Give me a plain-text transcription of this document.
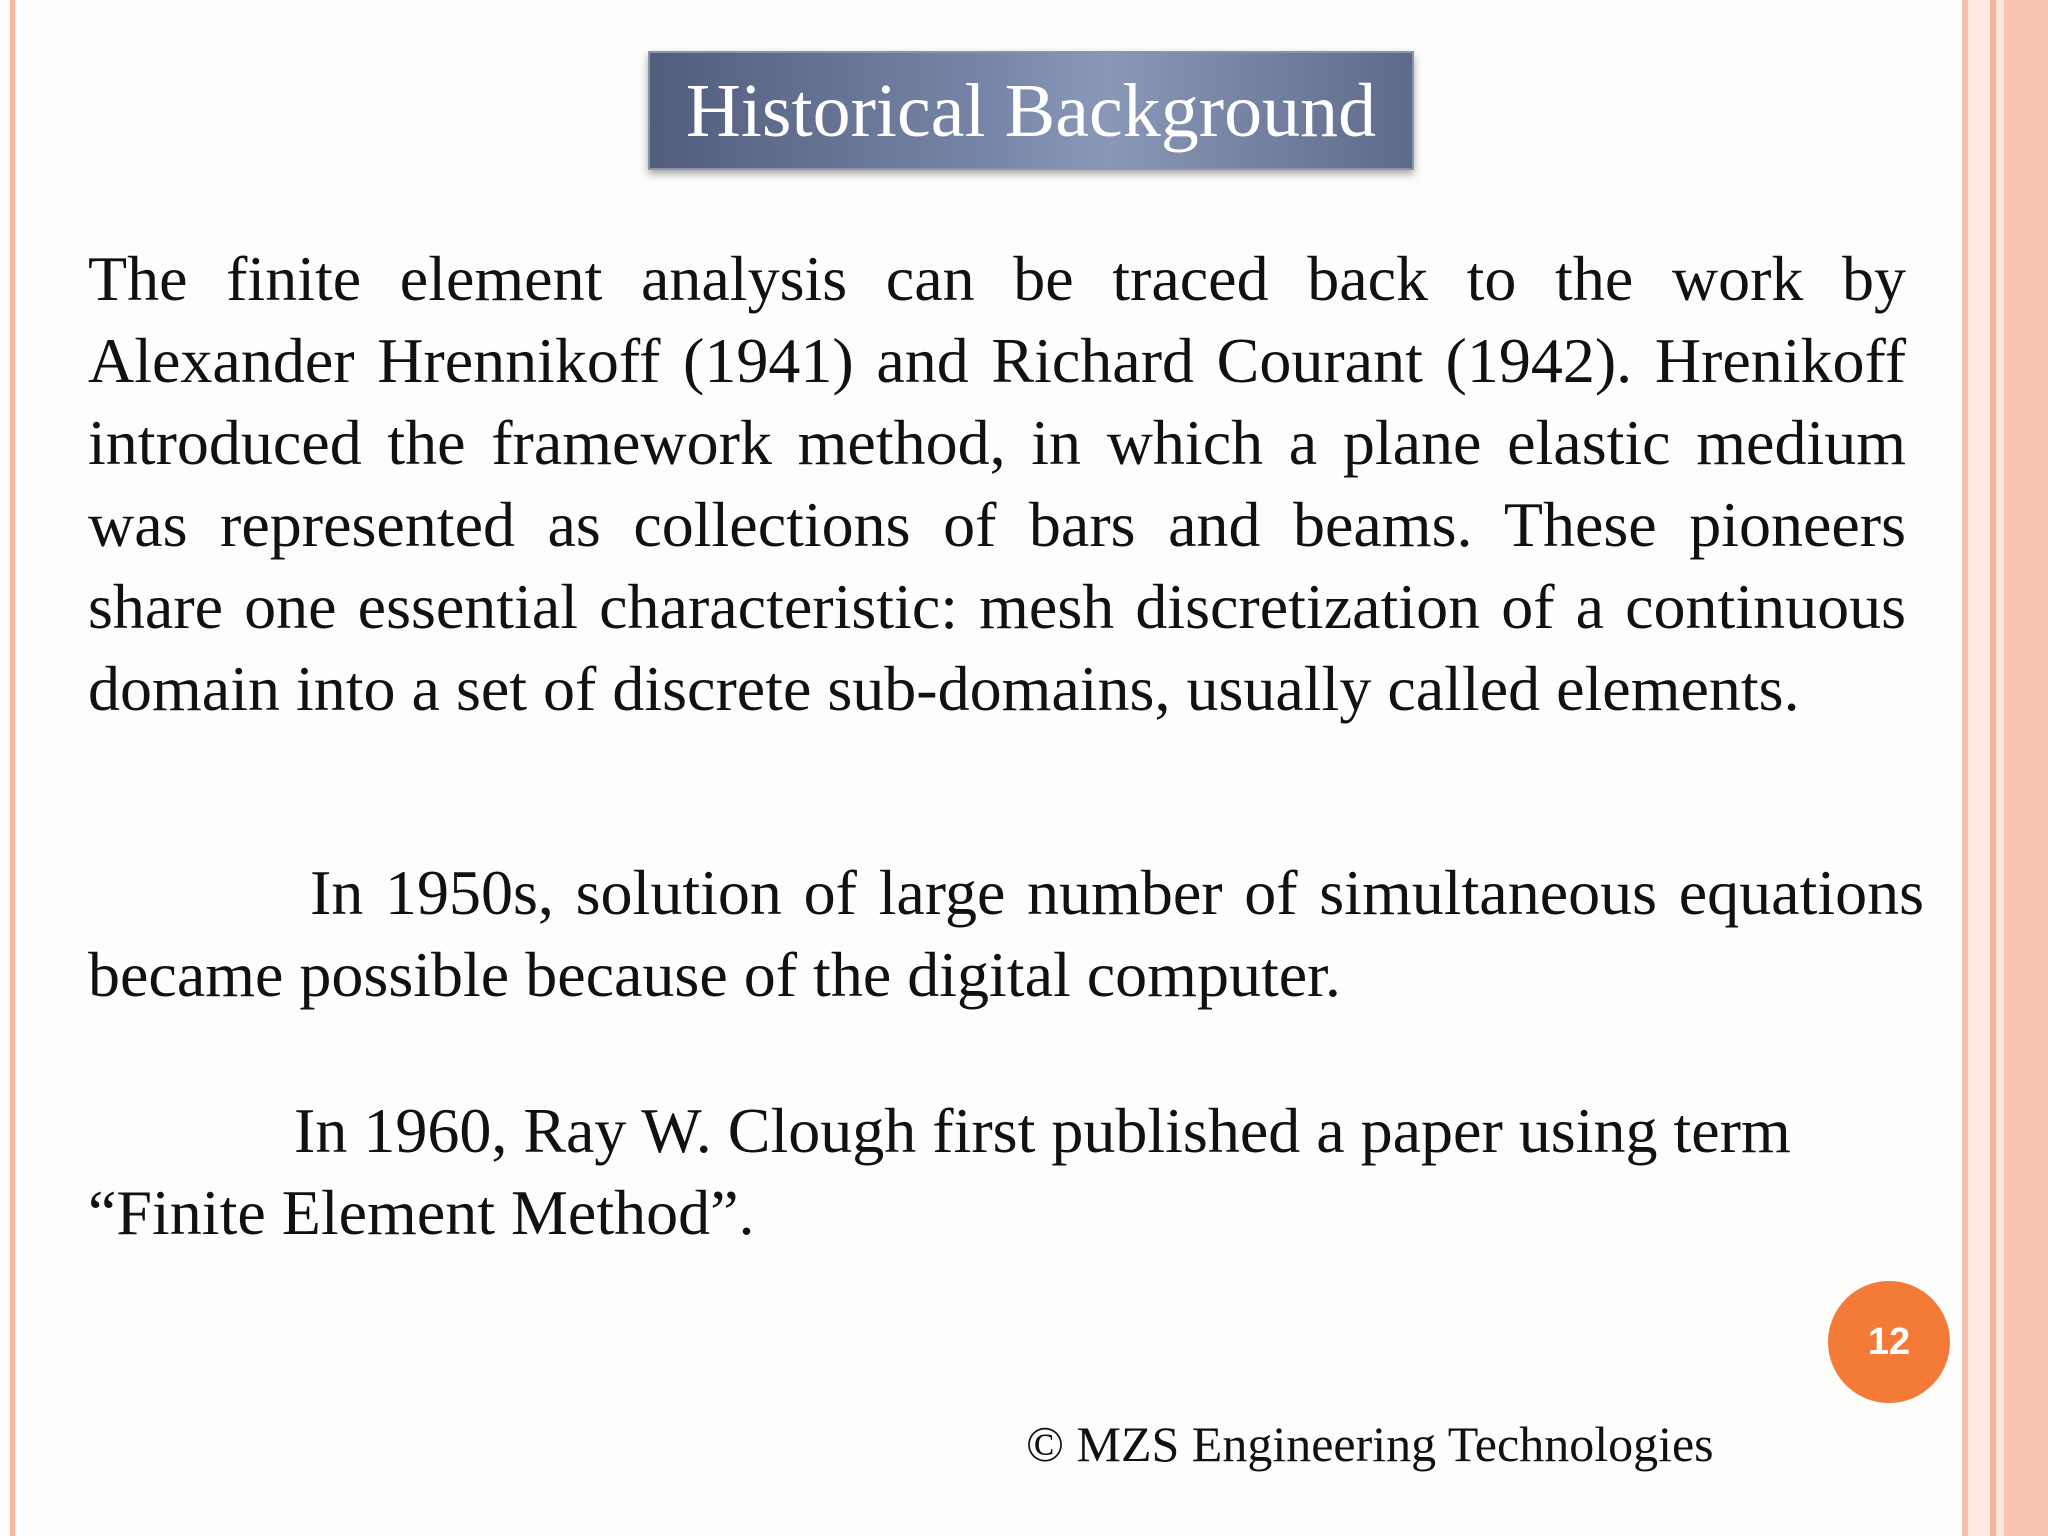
Historical Background

The finite element analysis can be traced back to the work by Alexander Hrennikoff (1941) and Richard Courant (1942). Hrenikoff introduced the framework method, in which a plane elastic medium was represented as collections of bars and beams. These pioneers share one essential characteristic: mesh discretization of a continuous domain into a set of discrete sub-domains, usually called elements.

In 1950s, solution of large number of simultaneous equations became possible because of the digital computer.

In 1960, Ray W. Clough first published a paper using term “Finite Element Method”.

12
© MZS Engineering Technologies
